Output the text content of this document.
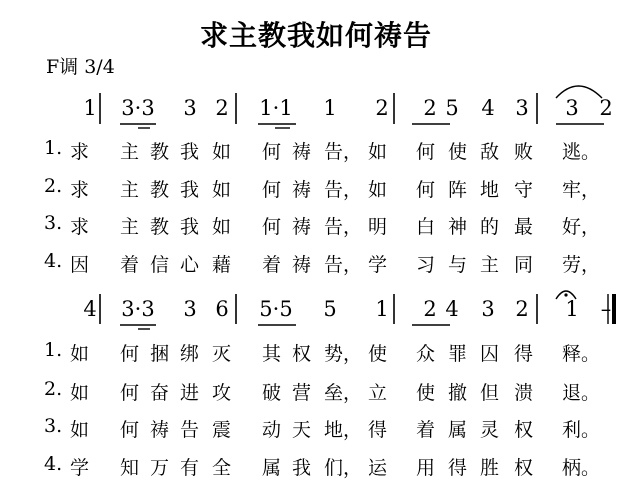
求主教我如何祷告
F调 3/4
1 3·3 3 2 1·1 1 2 2 5 4 3 3 2
1. 求	主 教 我 如	何 祷 告， 如	何 使 敌 败	逃。
2. 求	主 教 我 如	何 祷 告， 如	何 阵 地 守	牢，
3. 求	主 教 我 如	何 祷 告， 明	白 神 的 最	好，
4. 因	着 信 心 藉	着 祷 告， 学	习 与 主 同	劳，
4 3·3 3 6 5·5 5 1 2 4 3 2 1 –
1. 如	何 捆 绑 灭	其 权 势， 使	众 罪 囚 得	释。
2. 如	何 奋 进 攻	破 营 垒， 立	使 撤 但 溃	退。
3. 如	何 祷 告 震	动 天 地， 得	着 属 灵 权	利。
4. 学	知 万 有 全	属 我 们， 运	用 得 胜 权	柄。
